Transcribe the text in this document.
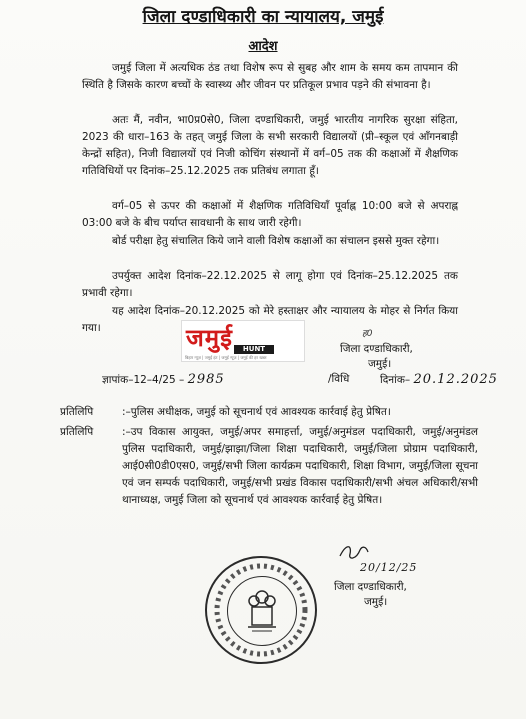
जिला दण्डाधिकारी का न्यायालय, जमुई
आदेश

जमुई जिला में अत्यधिक ठंड तथा विशेष रूप से सुबह और शाम के समय कम तापमान की स्थिति है जिसके कारण बच्चों के स्वास्थ्य और जीवन पर प्रतिकूल प्रभाव पड़ने की संभावना है।

अतः मैं, नवीन, भा0प्र0से0, जिला दण्डाधिकारी, जमुई भारतीय नागरिक सुरक्षा संहिता, 2023 की धारा–163 के तहत् जमुई जिला के सभी सरकारी विद्यालयों (प्री–स्कूल एवं आँगनबाड़ी केन्द्रों सहित), निजी विद्यालयों एवं निजी कोचिंग संस्थानों में वर्ग–05 तक की कक्षाओं में शैक्षणिक गतिविधियों पर दिनांक–25.12.2025 तक प्रतिबंध लगाता हूँ।

वर्ग–05 से ऊपर की कक्षाओं में शैक्षणिक गतिविधियाँ पूर्वाह्न 10:00 बजे से अपराह्न 03:00 बजे के बीच पर्याप्त सावधानी के साथ जारी रहेगी।

बोर्ड परीक्षा हेतु संचालित किये जाने वाली विशेष कक्षाओं का संचालन इससे मुक्त रहेगा।

उपर्युक्त आदेश दिनांक–22.12.2025 से लागू होगा एवं दिनांक–25.12.2025 तक प्रभावी रहेगा।

यह आदेश दिनांक–20.12.2025 को मेरे हस्ताक्षर और न्यायालय के मोहर से निर्गत किया गया।	जमुई	HUNT
बिहार न्यूज़ | जमुई हंट | जमुई न्यूज़ | जमुई की हर खबर
ह0
जिला दण्डाधिकारी,
जमुई।
ज्ञापांक–12–4/25 – 2985	/विधि	दिनांक– 20.12.2025
प्रतिलिपि	:–पुलिस अधीक्षक, जमुई को सूचनार्थ एवं आवश्यक कार्रवाई हेतु प्रेषित।
प्रतिलिपि	:–उप विकास आयुक्त, जमुई/अपर समाहर्त्ता, जमुई/अनुमंडल पदाधिकारी, जमुई/अनुमंडल पुलिस पदाधिकारी, जमुई/झाझा/जिला शिक्षा पदाधिकारी, जमुई/जिला प्रोग्राम पदाधिकारी, आई0सी0डी0एस0, जमुई/सभी जिला कार्यक्रम पदाधिकारी, शिक्षा विभाग, जमुई/जिला सूचना एवं जन सम्पर्क पदाधिकारी, जमुई/सभी प्रखंड विकास पदाधिकारी/सभी अंचल अधिकारी/सभी थानाध्यक्ष, जमुई जिला को सूचनार्थ एवं आवश्यक कार्रवाई हेतु प्रेषित।
20/12/25
जिला दण्डाधिकारी,
जमुई।
